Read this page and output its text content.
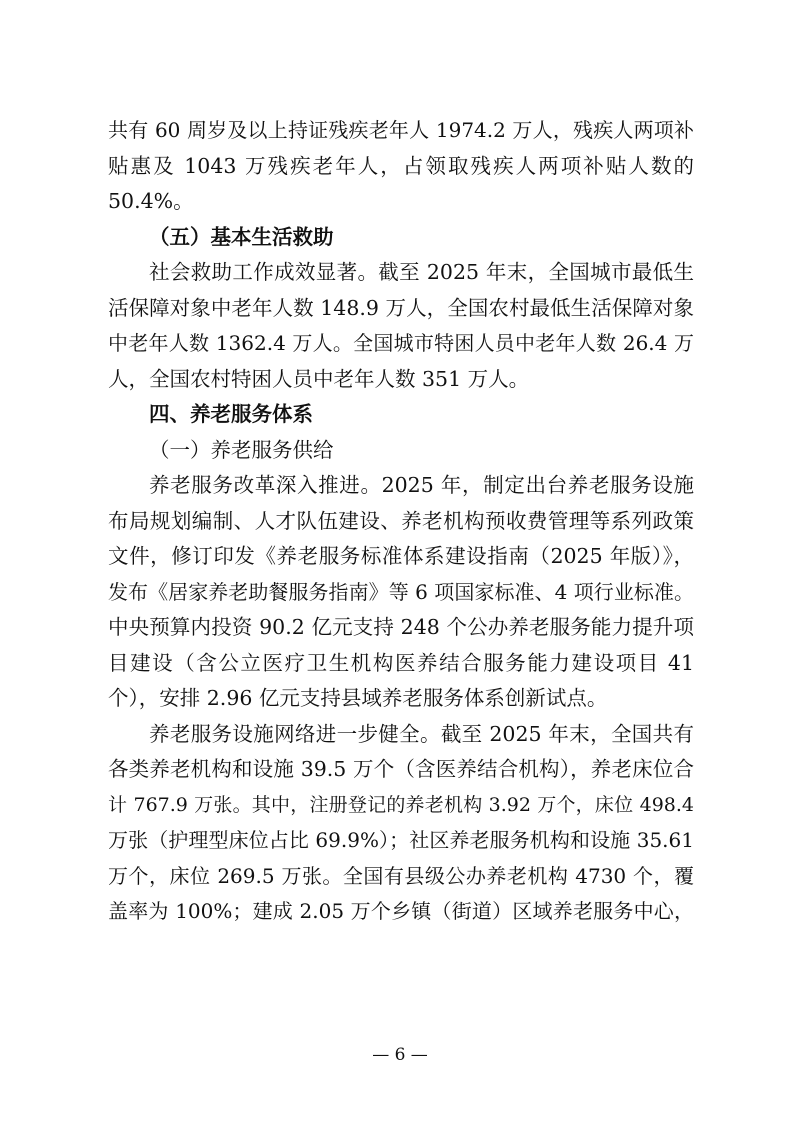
共有 60 周岁及以上持证残疾老年人 1974.2 万人，残疾人两项补
贴惠及 1043 万残疾老年人，占领取残疾人两项补贴人数的
50.4%。
（五）基本生活救助
社会救助工作成效显著。截至 2025 年末，全国城市最低生
活保障对象中老年人数 148.9 万人，全国农村最低生活保障对象
中老年人数 1362.4 万人。全国城市特困人员中老年人数 26.4 万
人，全国农村特困人员中老年人数 351 万人。
四、养老服务体系
（一）养老服务供给
养老服务改革深入推进。2025 年，制定出台养老服务设施
布局规划编制、人才队伍建设、养老机构预收费管理等系列政策
文件，修订印发《养老服务标准体系建设指南（2025 年版）》，
发布《居家养老助餐服务指南》等 6 项国家标准、4 项行业标准。
中央预算内投资 90.2 亿元支持 248 个公办养老服务能力提升项
目建设（含公立医疗卫生机构医养结合服务能力建设项目 41
个），安排 2.96 亿元支持县域养老服务体系创新试点。
养老服务设施网络进一步健全。截至 2025 年末，全国共有
各类养老机构和设施 39.5 万个（含医养结合机构），养老床位合
计 767.9 万张。其中，注册登记的养老机构 3.92 万个，床位 498.4
万张（护理型床位占比 69.9%）；社区养老服务机构和设施 35.61
万个，床位 269.5 万张。全国有县级公办养老机构 4730 个，覆
盖率为 100%；建成 2.05 万个乡镇（街道）区域养老服务中心，
— 6 —
